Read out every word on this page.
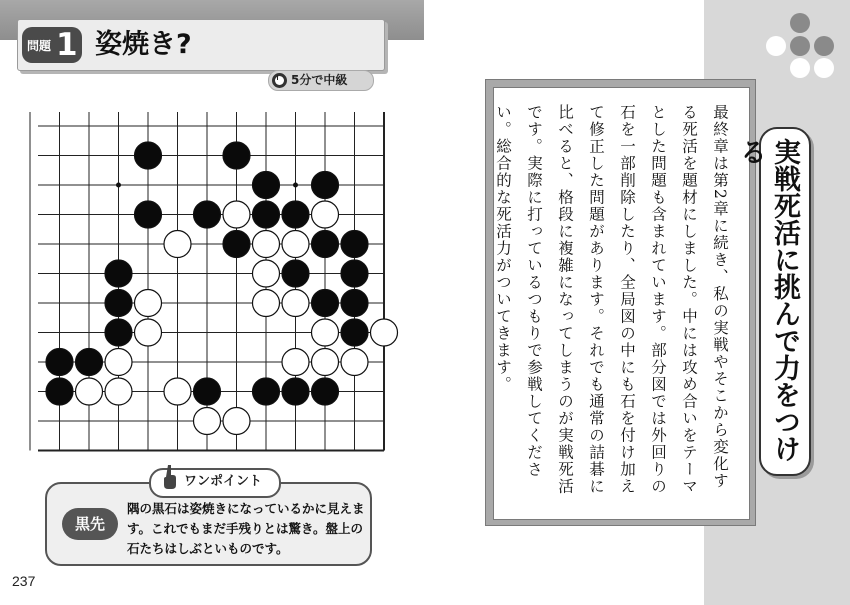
問題 1 姿焼き?
5分で中級
ワンポイント
黒先
隅の黒石は姿焼きになっているかに見えます。これでもまだ手残りとは驚き。盤上の石たちはしぶといものです。
237
最終章は第2章に続き、私の実戦やそこから変化する死活を題材にしました。中には攻め合いをテーマとした問題も含まれています。部分図では外回りの石を一部削除したり、全局図の中にも石を付け加えて修正した問題があります。それでも通常の詰碁に比べると、格段に複雑になってしまうのが実戦死活です。実際に打っているつもりで参戦してください。総合的な死活力がついてきます。	実戦死活に挑んで力をつける
